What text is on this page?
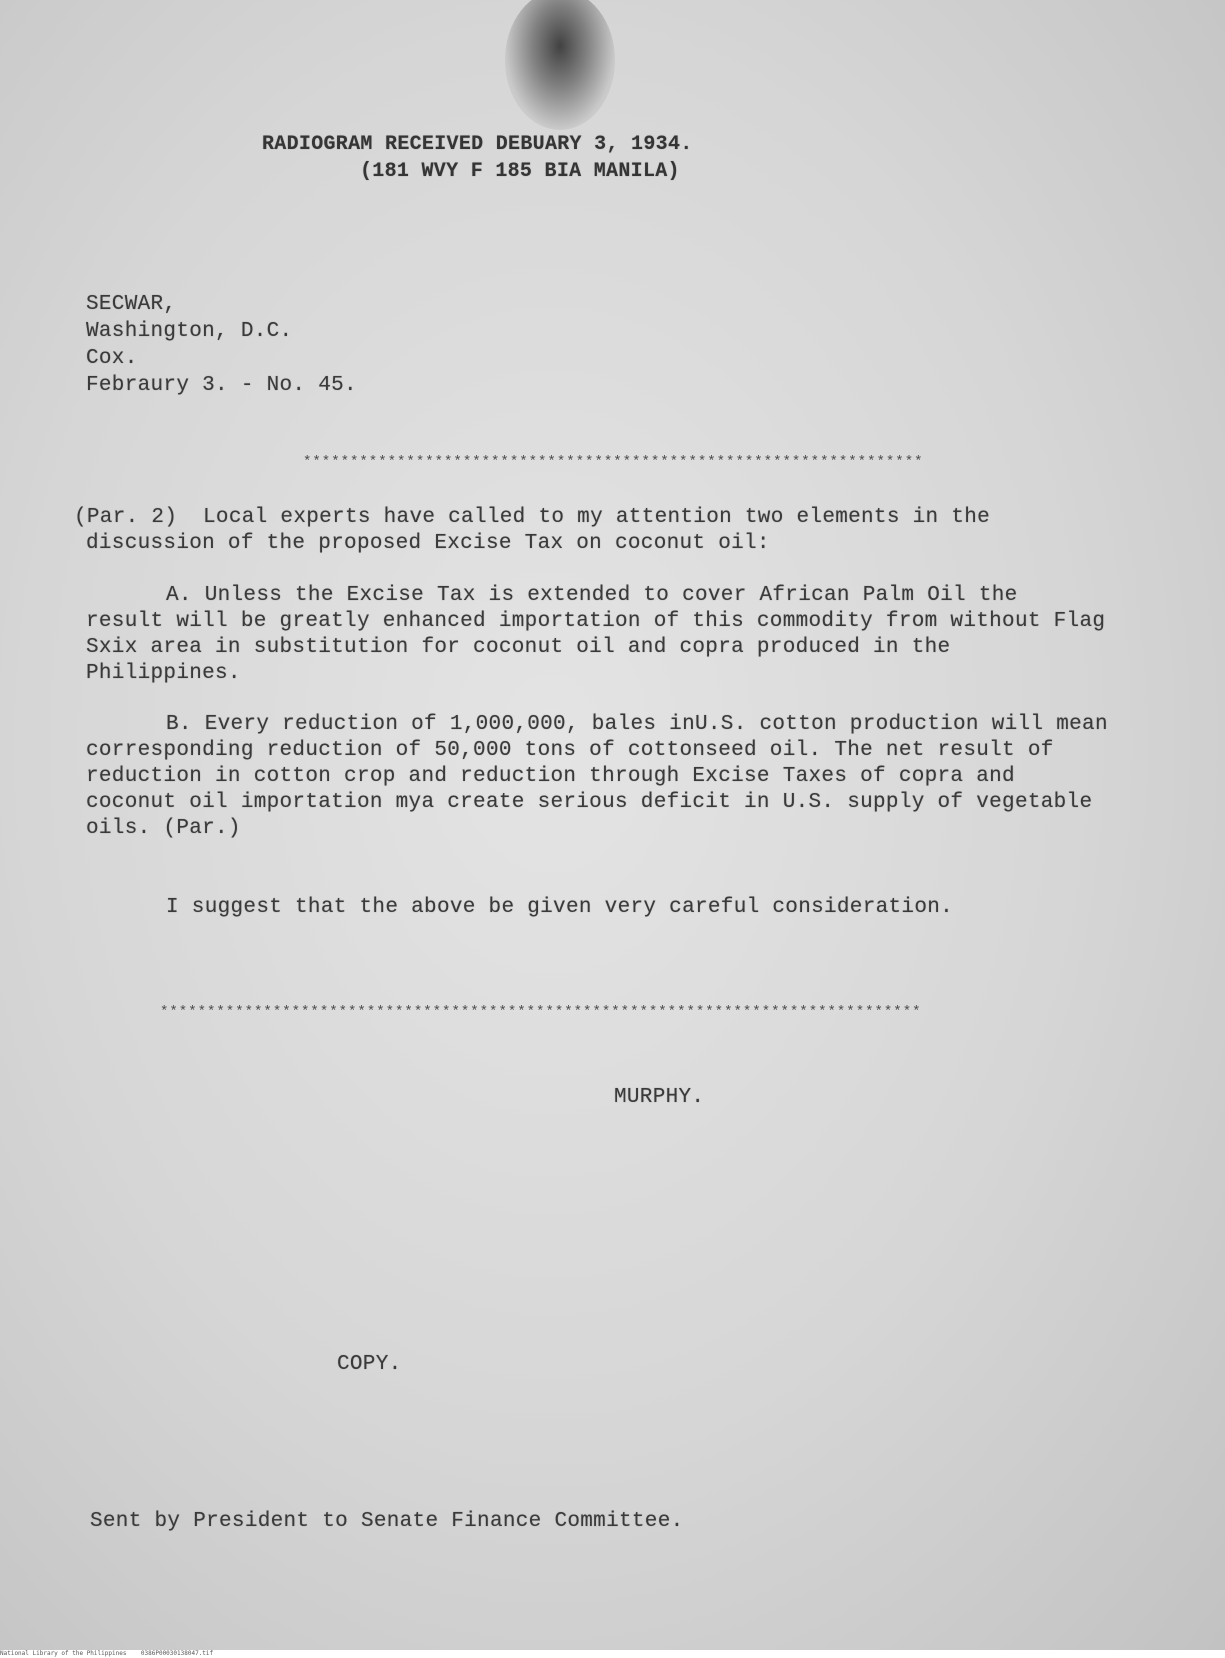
RADIOGRAM RECEIVED DEBUARY 3, 1934.
(181 WVY F 185 BIA MANILA)
SECWAR,
Washington, D.C.
Cox.
Febraury 3. - No. 45.
******************************************************************
(Par. 2)  Local experts have called to my attention two elements in the
discussion of the proposed Excise Tax on coconut oil:
A. Unless the Excise Tax is extended to cover African Palm Oil the
result will be greatly enhanced importation of this commodity from without Flag
Sxix area in substitution for coconut oil and copra produced in the
Philippines.
B. Every reduction of 1,000,000, bales inU.S. cotton production will mean
corresponding reduction of 50,000 tons of cottonseed oil. The net result of
reduction in cotton crop and reduction through Excise Taxes of copra and
coconut oil importation mya create serious deficit in U.S. supply of vegetable
oils. (Par.)
I suggest that the above be given very careful consideration.
*********************************************************************************
MURPHY.
COPY.
Sent by President to Senate Finance Committee.
National Library of the Philippines 0386P00030138047.tif
